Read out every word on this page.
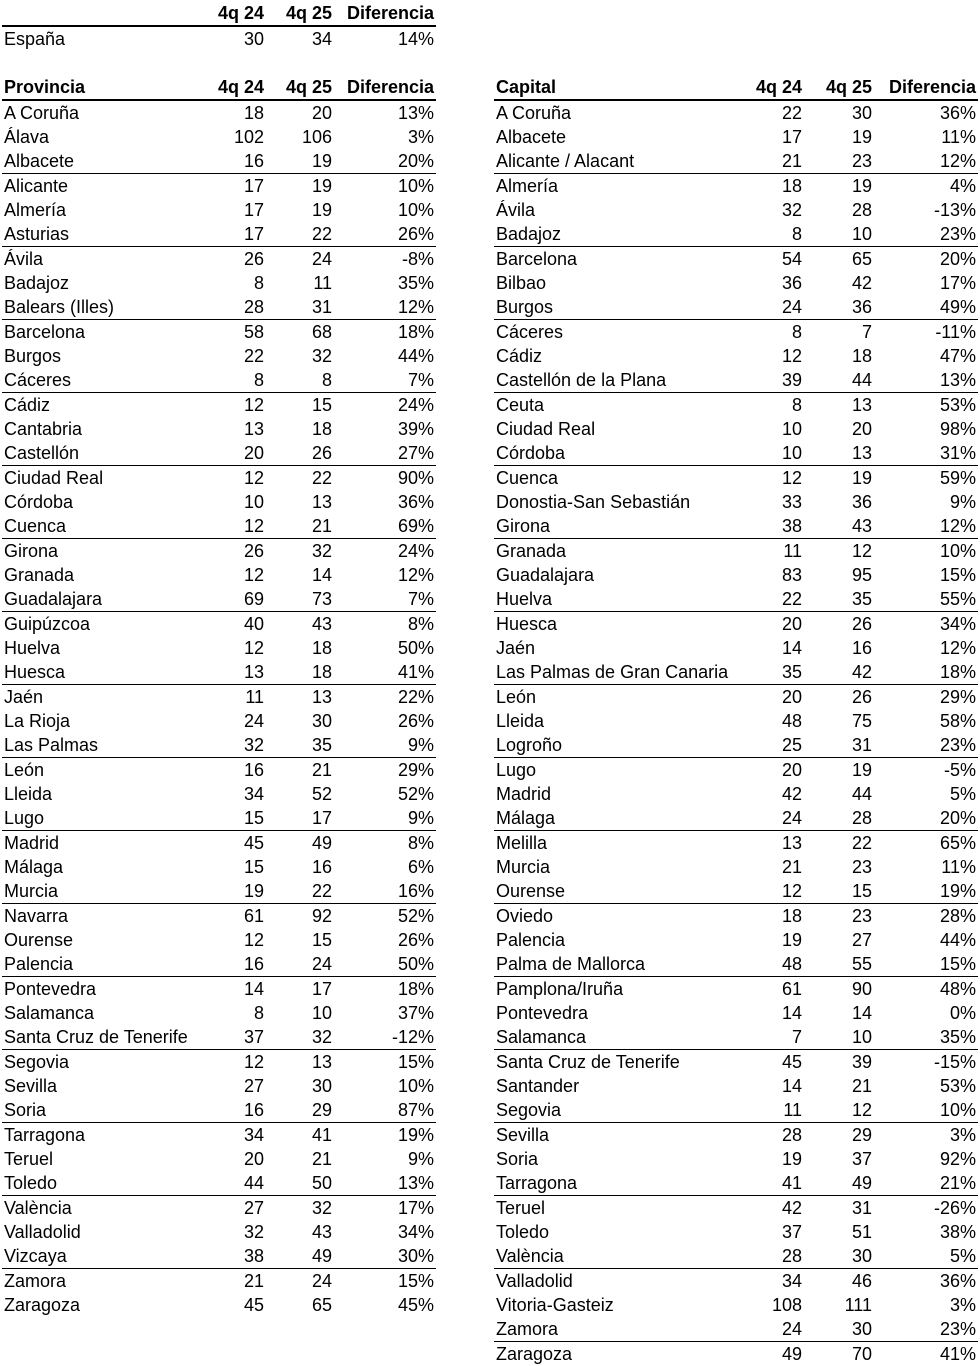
	4q 24	4q 25	Diferencia
España	30	34	14%
Provincia	4q 24	4q 25	Diferencia
A Coruña	18	20	13%
Álava	102	106	3%
Albacete	16	19	20%
Alicante	17	19	10%
Almería	17	19	10%
Asturias	17	22	26%
Ávila	26	24	-8%
Badajoz	8	11	35%
Balears (Illes)	28	31	12%
Barcelona	58	68	18%
Burgos	22	32	44%
Cáceres	8	8	7%
Cádiz	12	15	24%
Cantabria	13	18	39%
Castellón	20	26	27%
Ciudad Real	12	22	90%
Córdoba	10	13	36%
Cuenca	12	21	69%
Girona	26	32	24%
Granada	12	14	12%
Guadalajara	69	73	7%
Guipúzcoa	40	43	8%
Huelva	12	18	50%
Huesca	13	18	41%
Jaén	11	13	22%
La Rioja	24	30	26%
Las Palmas	32	35	9%
León	16	21	29%
Lleida	34	52	52%
Lugo	15	17	9%
Madrid	45	49	8%
Málaga	15	16	6%
Murcia	19	22	16%
Navarra	61	92	52%
Ourense	12	15	26%
Palencia	16	24	50%
Pontevedra	14	17	18%
Salamanca	8	10	37%
Santa Cruz de Tenerife	37	32	-12%
Segovia	12	13	15%
Sevilla	27	30	10%
Soria	16	29	87%
Tarragona	34	41	19%
Teruel	20	21	9%
Toledo	44	50	13%
València	27	32	17%
Valladolid	32	43	34%
Vizcaya	38	49	30%
Zamora	21	24	15%
Zaragoza	45	65	45%
Capital	4q 24	4q 25	Diferencia
A Coruña	22	30	36%
Albacete	17	19	11%
Alicante / Alacant	21	23	12%
Almería	18	19	4%
Ávila	32	28	-13%
Badajoz	8	10	23%
Barcelona	54	65	20%
Bilbao	36	42	17%
Burgos	24	36	49%
Cáceres	8	7	-11%
Cádiz	12	18	47%
Castellón de la Plana	39	44	13%
Ceuta	8	13	53%
Ciudad Real	10	20	98%
Córdoba	10	13	31%
Cuenca	12	19	59%
Donostia-San Sebastián	33	36	9%
Girona	38	43	12%
Granada	11	12	10%
Guadalajara	83	95	15%
Huelva	22	35	55%
Huesca	20	26	34%
Jaén	14	16	12%
Las Palmas de Gran Canaria	35	42	18%
León	20	26	29%
Lleida	48	75	58%
Logroño	25	31	23%
Lugo	20	19	-5%
Madrid	42	44	5%
Málaga	24	28	20%
Melilla	13	22	65%
Murcia	21	23	11%
Ourense	12	15	19%
Oviedo	18	23	28%
Palencia	19	27	44%
Palma de Mallorca	48	55	15%
Pamplona/Iruña	61	90	48%
Pontevedra	14	14	0%
Salamanca	7	10	35%
Santa Cruz de Tenerife	45	39	-15%
Santander	14	21	53%
Segovia	11	12	10%
Sevilla	28	29	3%
Soria	19	37	92%
Tarragona	41	49	21%
Teruel	42	31	-26%
Toledo	37	51	38%
València	28	30	5%
Valladolid	34	46	36%
Vitoria-Gasteiz	108	111	3%
Zamora	24	30	23%
Zaragoza	49	70	41%
